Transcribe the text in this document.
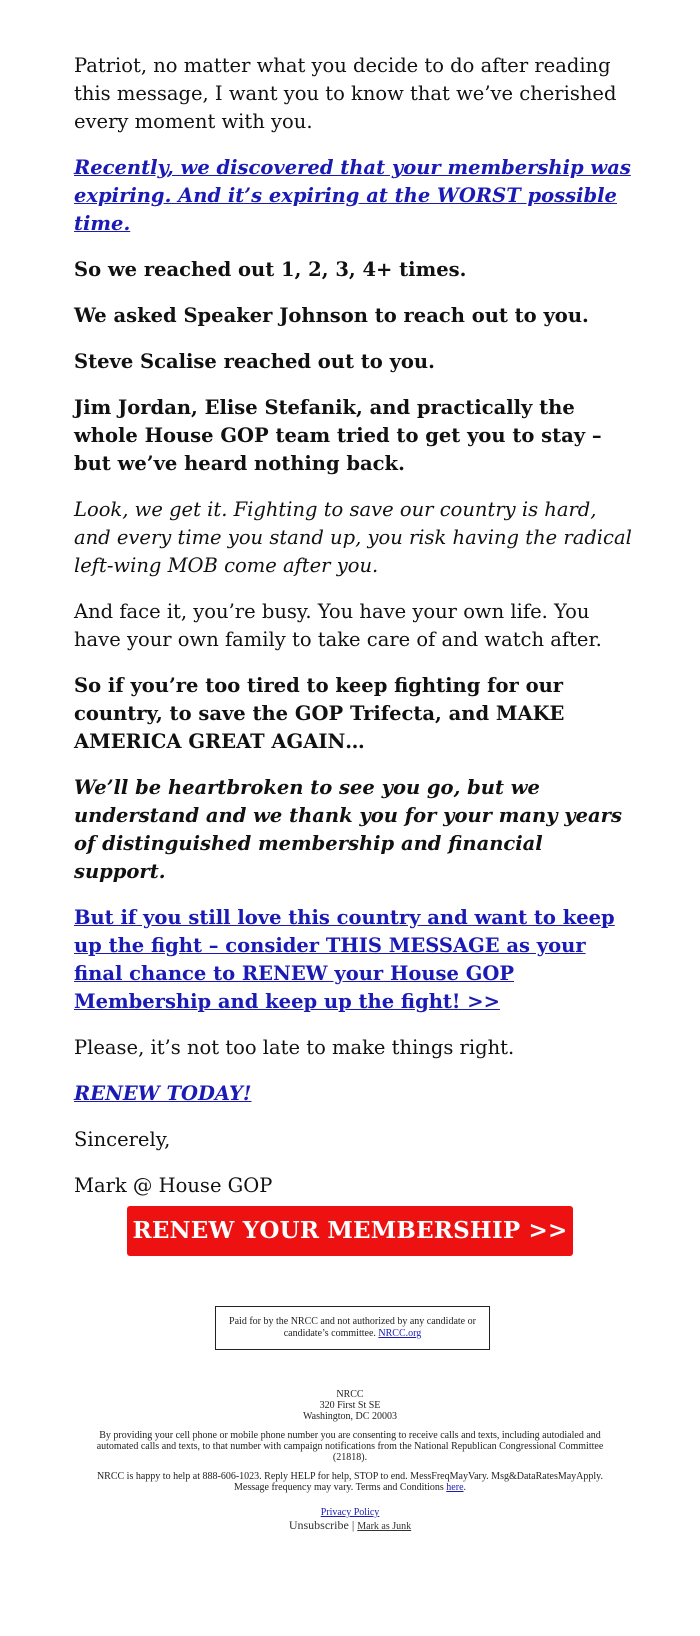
Patriot, no matter what you decide to do after reading this message, I want you to know that we’ve cherished every moment with you.

Recently, we discovered that your membership was expiring. And it’s expiring at the WORST possible time.

So we reached out 1, 2, 3, 4+ times.

We asked Speaker Johnson to reach out to you.

Steve Scalise reached out to you.

Jim Jordan, Elise Stefanik, and practically the whole House GOP team tried to get you to stay – but we’ve heard nothing back.

Look, we get it. Fighting to save our country is hard, and every time you stand up, you risk having the radical left-wing MOB come after you.

And face it, you’re busy. You have your own life. You have your own family to take care of and watch after.

So if you’re too tired to keep fighting for our country, to save the GOP Trifecta, and MAKE AMERICA GREAT AGAIN…

We’ll be heartbroken to see you go, but we understand and we thank you for your many years of distinguished membership and financial support.

But if you still love this country and want to keep up the fight – consider THIS MESSAGE as your final chance to RENEW your House GOP Membership and keep up the fight! >>

Please, it’s not too late to make things right.

RENEW TODAY!

Sincerely,

Mark @ House GOP

RENEW YOUR MEMBERSHIP >>
Paid for by the NRCC and not authorized by any candidate or candidate’s committee. NRCC.org

NRCC
320 First St SE
Washington, DC 20003

By providing your cell phone or mobile phone number you are consenting to receive calls and texts, including autodialed and automated calls and texts, to that number with campaign notifications from the National Republican Congressional Committee (21818).

NRCC is happy to help at 888-606-1023. Reply HELP for help, STOP to end. MessFreqMayVary. Msg&DataRatesMayApply. Message frequency may vary. Terms and Conditions here.

Privacy Policy
Unsubscribe | Mark as Junk
